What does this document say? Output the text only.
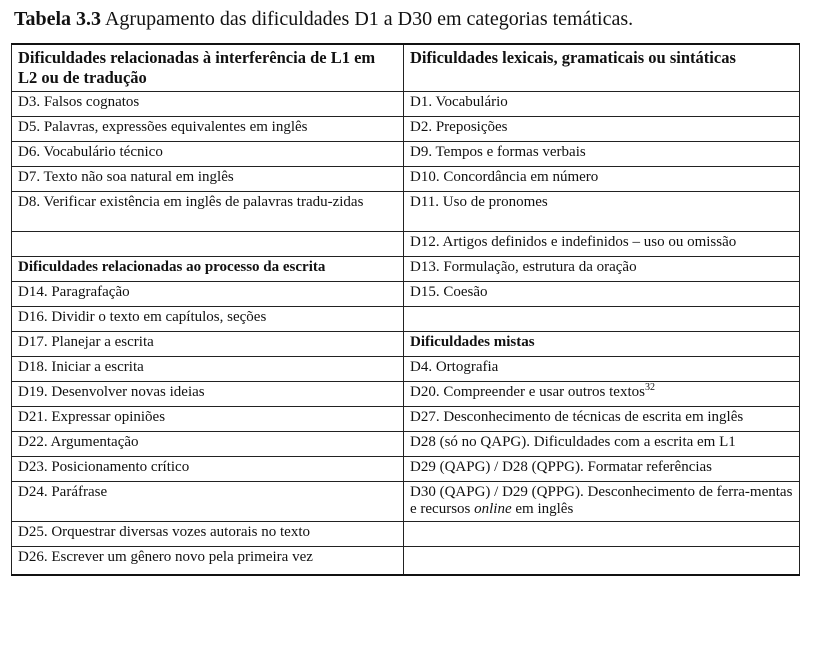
Tabela 3.3 Agrupamento das dificuldades D1 a D30 em categorias temáticas.
Dificuldades relacionadas à interferência de L1 em L2 ou de tradução	Dificuldades lexicais, gramaticais ou sintáticas
D3. Falsos cognatos	D1. Vocabulário
D5. Palavras, expressões equivalentes em inglês	D2. Preposições
D6. Vocabulário técnico	D9. Tempos e formas verbais
D7. Texto não soa natural em inglês	D10. Concordância em número
D8. Verificar existência em inglês de palavras tradu-zidas	D11. Uso de pronomes
	D12. Artigos definidos e indefinidos – uso ou omissão
Dificuldades relacionadas ao processo da escrita	D13. Formulação, estrutura da oração
D14. Paragrafação	D15. Coesão
D16. Dividir o texto em capítulos, seções	
D17. Planejar a escrita	Dificuldades mistas
D18. Iniciar a escrita	D4. Ortografia
D19. Desenvolver novas ideias	D20. Compreender e usar outros textos$^{32}$
D21. Expressar opiniões	D27. Desconhecimento de técnicas de escrita em inglês
D22. Argumentação	D28 (só no QAPG). Dificuldades com a escrita em L1
D23. Posicionamento crítico	D29 (QAPG) / D28 (QPPG). Formatar referências
D24. Paráfrase	D30 (QAPG) / D29 (QPPG). Desconhecimento de ferra-mentas e recursos online em inglês
D25. Orquestrar diversas vozes autorais no texto	
D26. Escrever um gênero novo pela primeira vez	
